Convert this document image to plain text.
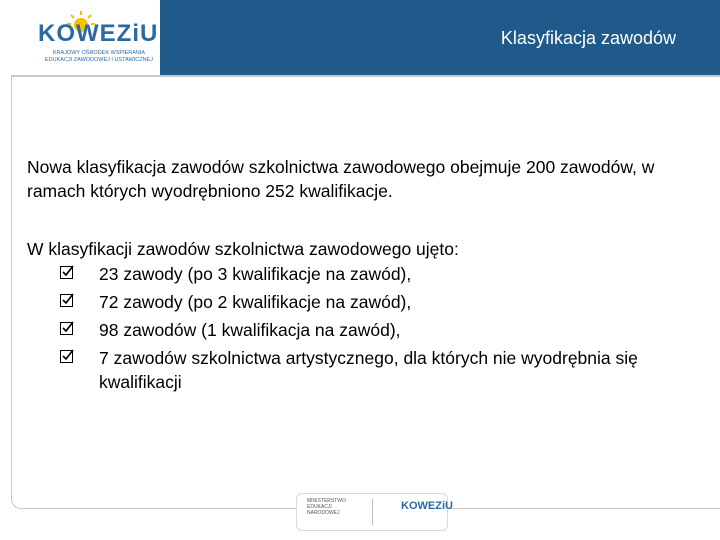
Klasyfikacja zawodów
KOWEZiU
KRAJOWY OŚRODEK WSPIERANIA EDUKACJI ZAWODOWEJ I USTAWICZNEJ
Nowa klasyfikacja zawodów szkolnictwa zawodowego obejmuje 200 zawodów, w ramach których wyodrębniono 252 kwalifikacje.
W klasyfikacji zawodów szkolnictwa zawodowego ujęto:
23 zawody (po 3 kwalifikacje na zawód),
72 zawody (po 2 kwalifikacje na zawód),
98 zawodów (1 kwalifikacja na zawód),
7 zawodów szkolnictwa artystycznego, dla których nie wyodrębnia się kwalifikacji
MINISTERSTWO EDUKACJI NARODOWEJ
KOWEZiU
